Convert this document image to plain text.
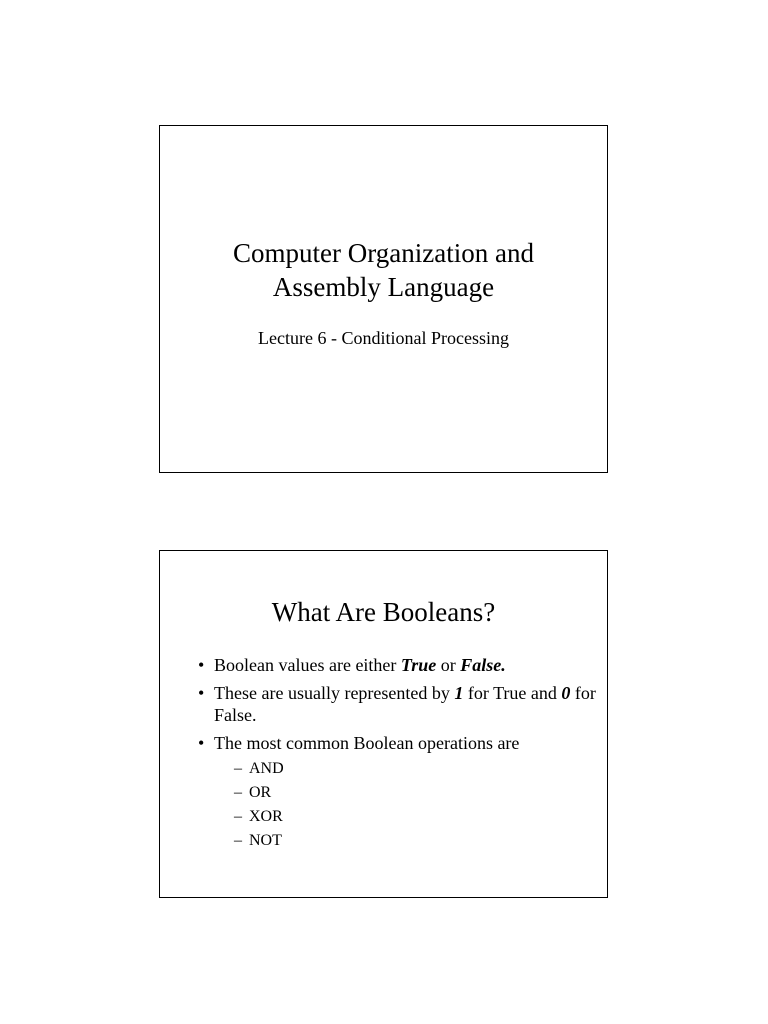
Computer Organization and
Assembly Language
Lecture 6 - Conditional Processing
What Are Booleans?
• Boolean values are either True or False.
• These are usually represented by 1 for True and 0 for False.
• The most common Boolean operations are
– AND
– OR
– XOR
– NOT
